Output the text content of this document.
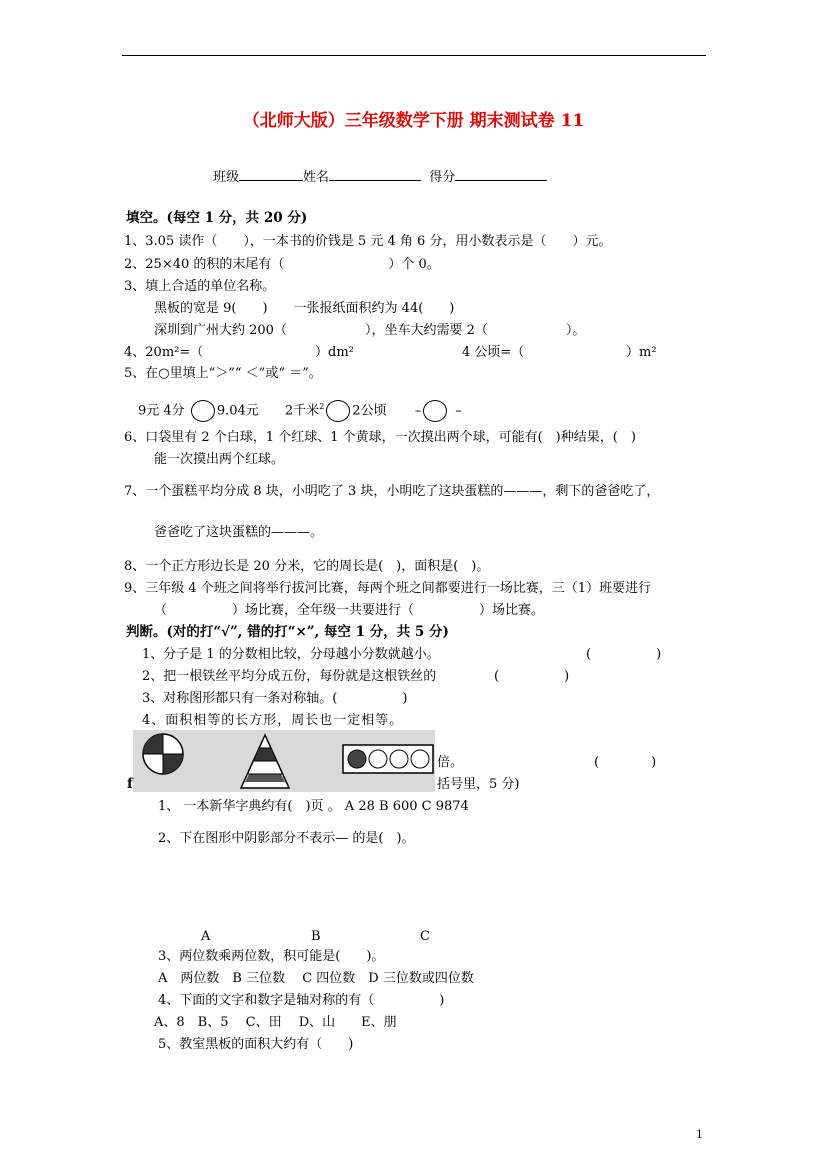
（北师大版）三年级数学下册 期末测试卷 11
班级	姓名	得分
填空。(每空 1 分，共 20 分)
1、3.05 读作（　　），一本书的价钱是 5 元 4 角 6 分，用小数表示是（　　）元。
2、25×40 的积的末尾有（　　　　　　　　）个 0。
3、填上合适的单位名称。
黑板的宽是 9(　　)　　一张报纸面积约为 44(　　)
深圳到广州大约 200（　　　　　　），坐车大约需要 2（　　　　　　）。
4、20m²=（	）dm²	4 公顷=（	）m²
5、在○里填上“＞”“ ＜”或“ ＝”。
9元 4分 9.04元 2千米$^2$ 2公顷 –	–
6、口袋里有 2 个白球，1 个红球、1 个黄球，一次摸出两个球，可能有(　)种结果，(　)
能一次摸出两个红球。
7、一个蛋糕平均分成 8 块，小明吃了 3 块，小明吃了这块蛋糕的———，剩下的爸爸吃了，
爸爸吃了这块蛋糕的———。
8、一个正方形边长是 20 分米，它的周长是(　)，面积是(　)。
9、三年级 4 个班之间将举行拔河比赛，每两个班之间都要进行一场比赛，三（1）班要进行
（　　　　　）场比赛，全年级一共要进行（　　　　　）场比赛。
判断。(对的打“√”, 错的打“×”, 每空 1 分，共 5 分)
1、分子是 1 的分数相比较，分母越小分数就越小。	(　　　　　)
2、把一根铁丝平均分成五份，每份就是这根铁丝的	(　　　　　)
3、对称图形都只有一条对称轴。(　　　　　)
4、面积相等的长方形，周长也一定相等。
倍。	(　　　　)
f	括号里，5 分)
1、 一本新华字典约有(　)页 。 A 28 B 600 C 9874
2、下在图形中阴影部分不表示— 的是(　)。
A	B	C
3、两位数乘两位数，积可能是(　　)。
A　两位数　B 三位数　 C 四位数　D 三位数或四位数
4、下面的文字和数字是轴对称的有（　　　　　)
A、8　B、5　 C、田　 D、山　　E、朋
5、教室黑板的面积大约有（　　)
1
